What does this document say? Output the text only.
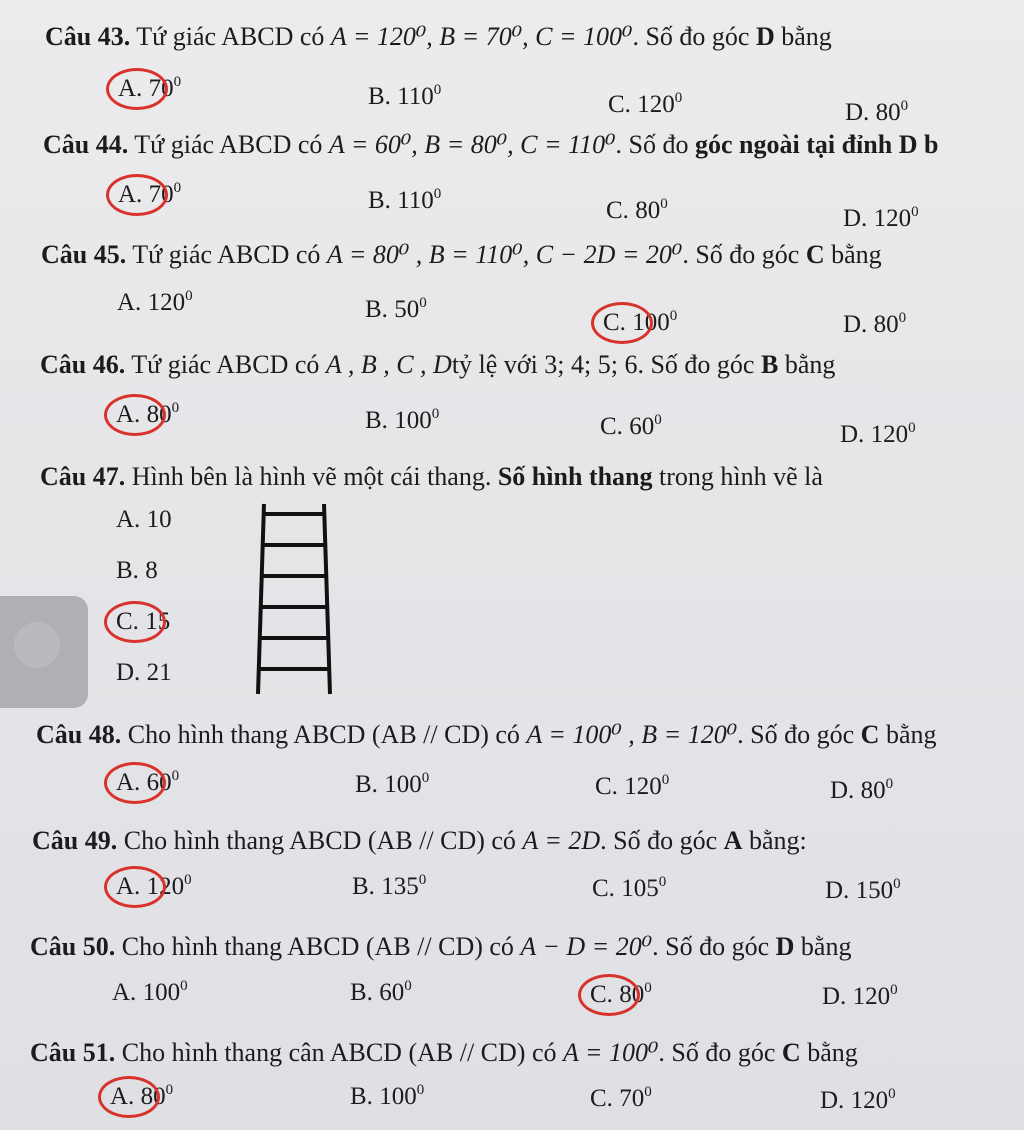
Câu 43. Tứ giác ABCD có A = 120⁰, B = 70⁰, C = 100⁰. Số đo góc D bằng
A. $70^0$
B. $110^0$
C. $120^0$
D. $80^0$
Câu 44. Tứ giác ABCD có A = 60⁰, B = 80⁰, C = 110⁰. Số đo góc ngoài tại đỉnh D b
A. $70^0$	B. $110^0$
C. $80^0$
D. $120^0$
Câu 45. Tứ giác ABCD có A = 80⁰ , B = 110⁰, C − 2D = 20⁰. Số đo góc C bằng
A. $120^0$	B. $50^0$
C. $100^0$	D. $80^0$
Câu 46. Tứ giác ABCD có A , B , C , Dtỷ lệ với 3; 4; 5; 6. Số đo góc B bằng
A. $80^0$	B. $100^0$	C. $60^0$
D. $120^0$
Câu 47. Hình bên là hình vẽ một cái thang. Số hình thang trong hình vẽ là
A. 10
B. 8
C. 15
D. 21
Câu 48. Cho hình thang ABCD (AB // CD) có A = 100⁰ , B = 120⁰. Số đo góc C bằng
A. $60^0$	B. $100^0$	C. $120^0$	D. $80^0$
Câu 49. Cho hình thang ABCD (AB // CD) có A = 2D. Số đo góc A bằng:
A. $120^0$	B. $135^0$	C. $105^0$	D. $150^0$
Câu 50. Cho hình thang ABCD (AB // CD) có A − D = 20⁰. Số đo góc D bằng
A. $100^0$	B. $60^0$	C. $80^0$	D. $120^0$
Câu 51. Cho hình thang cân ABCD (AB // CD) có A = 100⁰. Số đo góc C bằng
A. $80^0$	B. $100^0$	C. $70^0$	D. $120^0$
